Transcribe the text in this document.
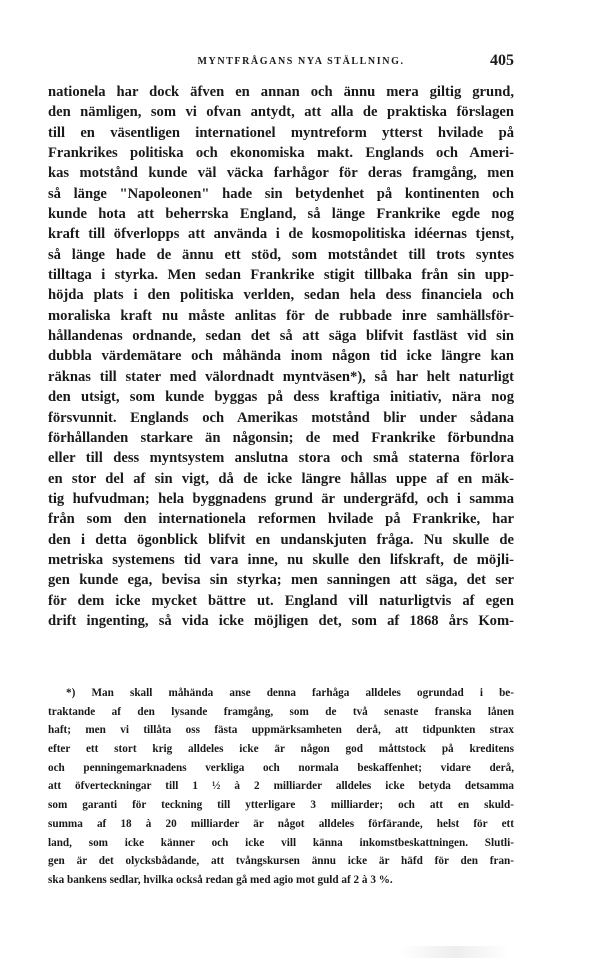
MYNTFRÅGANS NYA STÄLLNING.	405
nationela har dock äfven en annan och ännu mera giltig grund,
den nämligen, som vi ofvan antydt, att alla de praktiska förslagen
till en väsentligen internationel myntreform ytterst hvilade på
Frankrikes politiska och ekonomiska makt. Englands och Ameri-
kas motstånd kunde väl väcka farhågor för deras framgång, men
så länge "Napoleonen" hade sin betydenhet på kontinenten och
kunde hota att beherrska England, så länge Frankrike egde nog
kraft till öfverlopps att använda i de kosmopolitiska idéernas tjenst,
så länge hade de ännu ett stöd, som motståndet till trots syntes
tilltaga i styrka. Men sedan Frankrike stigit tillbaka från sin upp-
höjda plats i den politiska verlden, sedan hela dess financiela och
moraliska kraft nu måste anlitas för de rubbade inre samhällsför-
hållandenas ordnande, sedan det så att säga blifvit fastläst vid sin
dubbla värdemätare och måhända inom någon tid icke längre kan
räknas till stater med välordnadt myntväsen*), så har helt naturligt
den utsigt, som kunde byggas på dess kraftiga initiativ, nära nog
försvunnit. Englands och Amerikas motstånd blir under sådana
förhållanden starkare än någonsin; de med Frankrike förbundna
eller till dess myntsystem anslutna stora och små staterna förlora
en stor del af sin vigt, då de icke längre hållas uppe af en mäk-
tig hufvudman; hela byggnadens grund är undergräfd, och i samma
från som den internationela reformen hvilade på Frankrike, har
den i detta ögonblick blifvit en undanskjuten fråga. Nu skulle de
metriska systemens tid vara inne, nu skulle den lifskraft, de möjli-
gen kunde ega, bevisa sin styrka; men sanningen att säga, det ser
för dem icke mycket bättre ut. England vill naturligtvis af egen
drift ingenting, så vida icke möjligen det, som af 1868 års Kom-
*) Man skall måhända anse denna farhåga alldeles ogrundad i be-
traktande af den lysande framgång, som de två senaste franska lånen
haft; men vi tillåta oss fästa uppmärksamheten derå, att tidpunkten strax
efter ett stort krig alldeles icke är någon god måttstock på kreditens
och penningemarknadens verkliga och normala beskaffenhet; vidare derå,
att öfverteckningar till 1 ½ à 2 milliarder alldeles icke betyda detsamma
som garanti för teckning till ytterligare 3 milliarder; och att en skuld-
summa af 18 à 20 milliarder är något alldeles förfärande, helst för ett
land, som icke känner och icke vill känna inkomstbeskattningen. Slutli-
gen är det olycksbådande, att tvångskursen ännu icke är häfd för den fran-
ska bankens sedlar, hvilka också redan gå med agio mot guld af 2 à 3 %.
